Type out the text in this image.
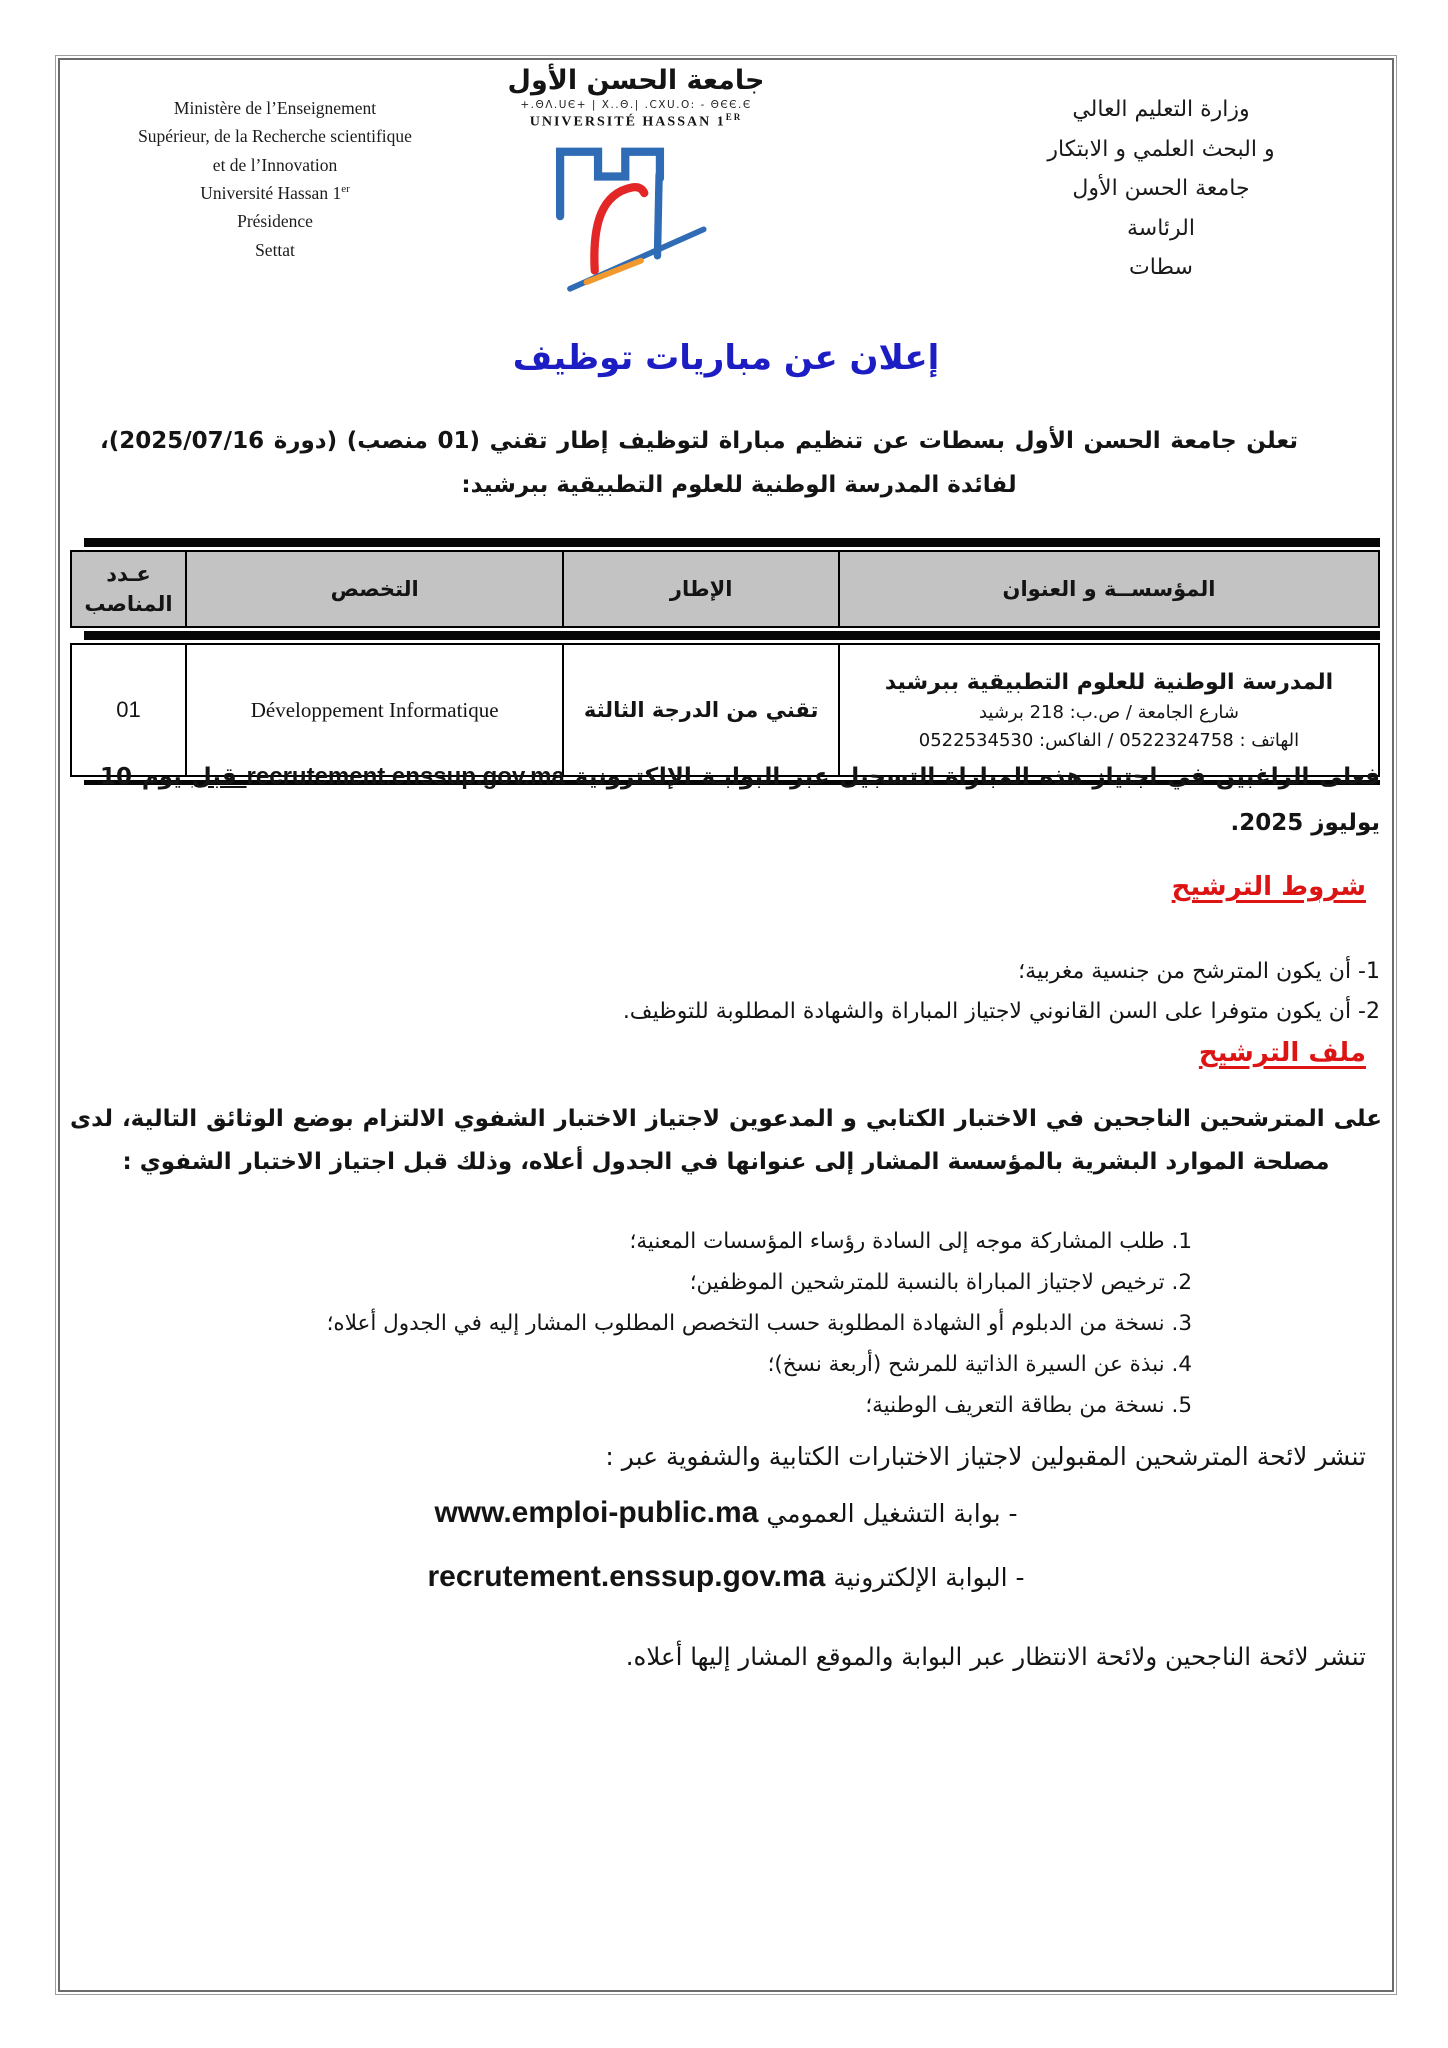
Ministère de l’Enseignement
Supérieur, de la Recherche scientifique
et de l’Innovation
Université Hassan 1er
Présidence
Settat
جامعة الحسن الأول
+.ΘΛ.UЄ+ | X..Θ.| .CXU.O: - ΘЄЄ.Є
UNIVERSITÉ HASSAN 1ER	وزارة التعليم العالي
و البحث العلمي و الابتكار
جامعة الحسن الأول
الرئاسة
سطات
إعلان عن مباريات توظيف
تعلن جامعة الحسن الأول بسطات عن تنظيم مباراة لتوظيف إطار تقني (01 منصب) (دورة 2025/07/16)، لفائدة المدرسة الوطنية للعلوم التطبيقية ببرشيد:
المؤسســة و العنوان
الإطار
التخصص
عـدد المناصب
المدرسة الوطنية للعلوم التطبيقية ببرشيد
شارع الجامعة / ص.ب: 218 برشيد
الهاتف : 0522324758 / الفاكس: 0522534530
تقني من الدرجة الثالثة
Développement Informatique
01
فعلى الراغبين في اجتياز هذه المباراة التسجيل عبر البوابـة الإلكترونية recrutement.enssup.gov.ma قبل يوم 10 يوليوز 2025.
شروط الترشيح
1- أن يكون المترشح من جنسية مغربية؛
2- أن يكون متوفرا على السن القانوني لاجتياز المباراة والشهادة المطلوبة للتوظيف.
ملف الترشيح
على المترشحين الناجحين في الاختبار الكتابي و المدعوين لاجتياز الاختبار الشفوي الالتزام بوضع الوثائق التالية، لدى مصلحة الموارد البشرية بالمؤسسة المشار إلى عنوانها في الجدول أعلاه، وذلك قبل اجتياز الاختبار الشفوي :
1. طلب المشاركة موجه إلى السادة رؤساء المؤسسات المعنية؛
2. ترخيص لاجتياز المباراة بالنسبة للمترشحين الموظفين؛
3. نسخة من الدبلوم أو الشهادة المطلوبة حسب التخصص المطلوب المشار إليه في الجدول أعلاه؛
4. نبذة عن السيرة الذاتية للمرشح (أربعة نسخ)؛
5. نسخة من بطاقة التعريف الوطنية؛
تنشر لائحة المترشحين المقبولين لاجتياز الاختبارات الكتابية والشفوية عبر :
- بوابة التشغيل العمومي www.emploi-public.ma
- البوابة الإلكترونية recrutement.enssup.gov.ma
تنشر لائحة الناجحين ولائحة الانتظار عبر البوابة والموقع المشار إليها أعلاه.
